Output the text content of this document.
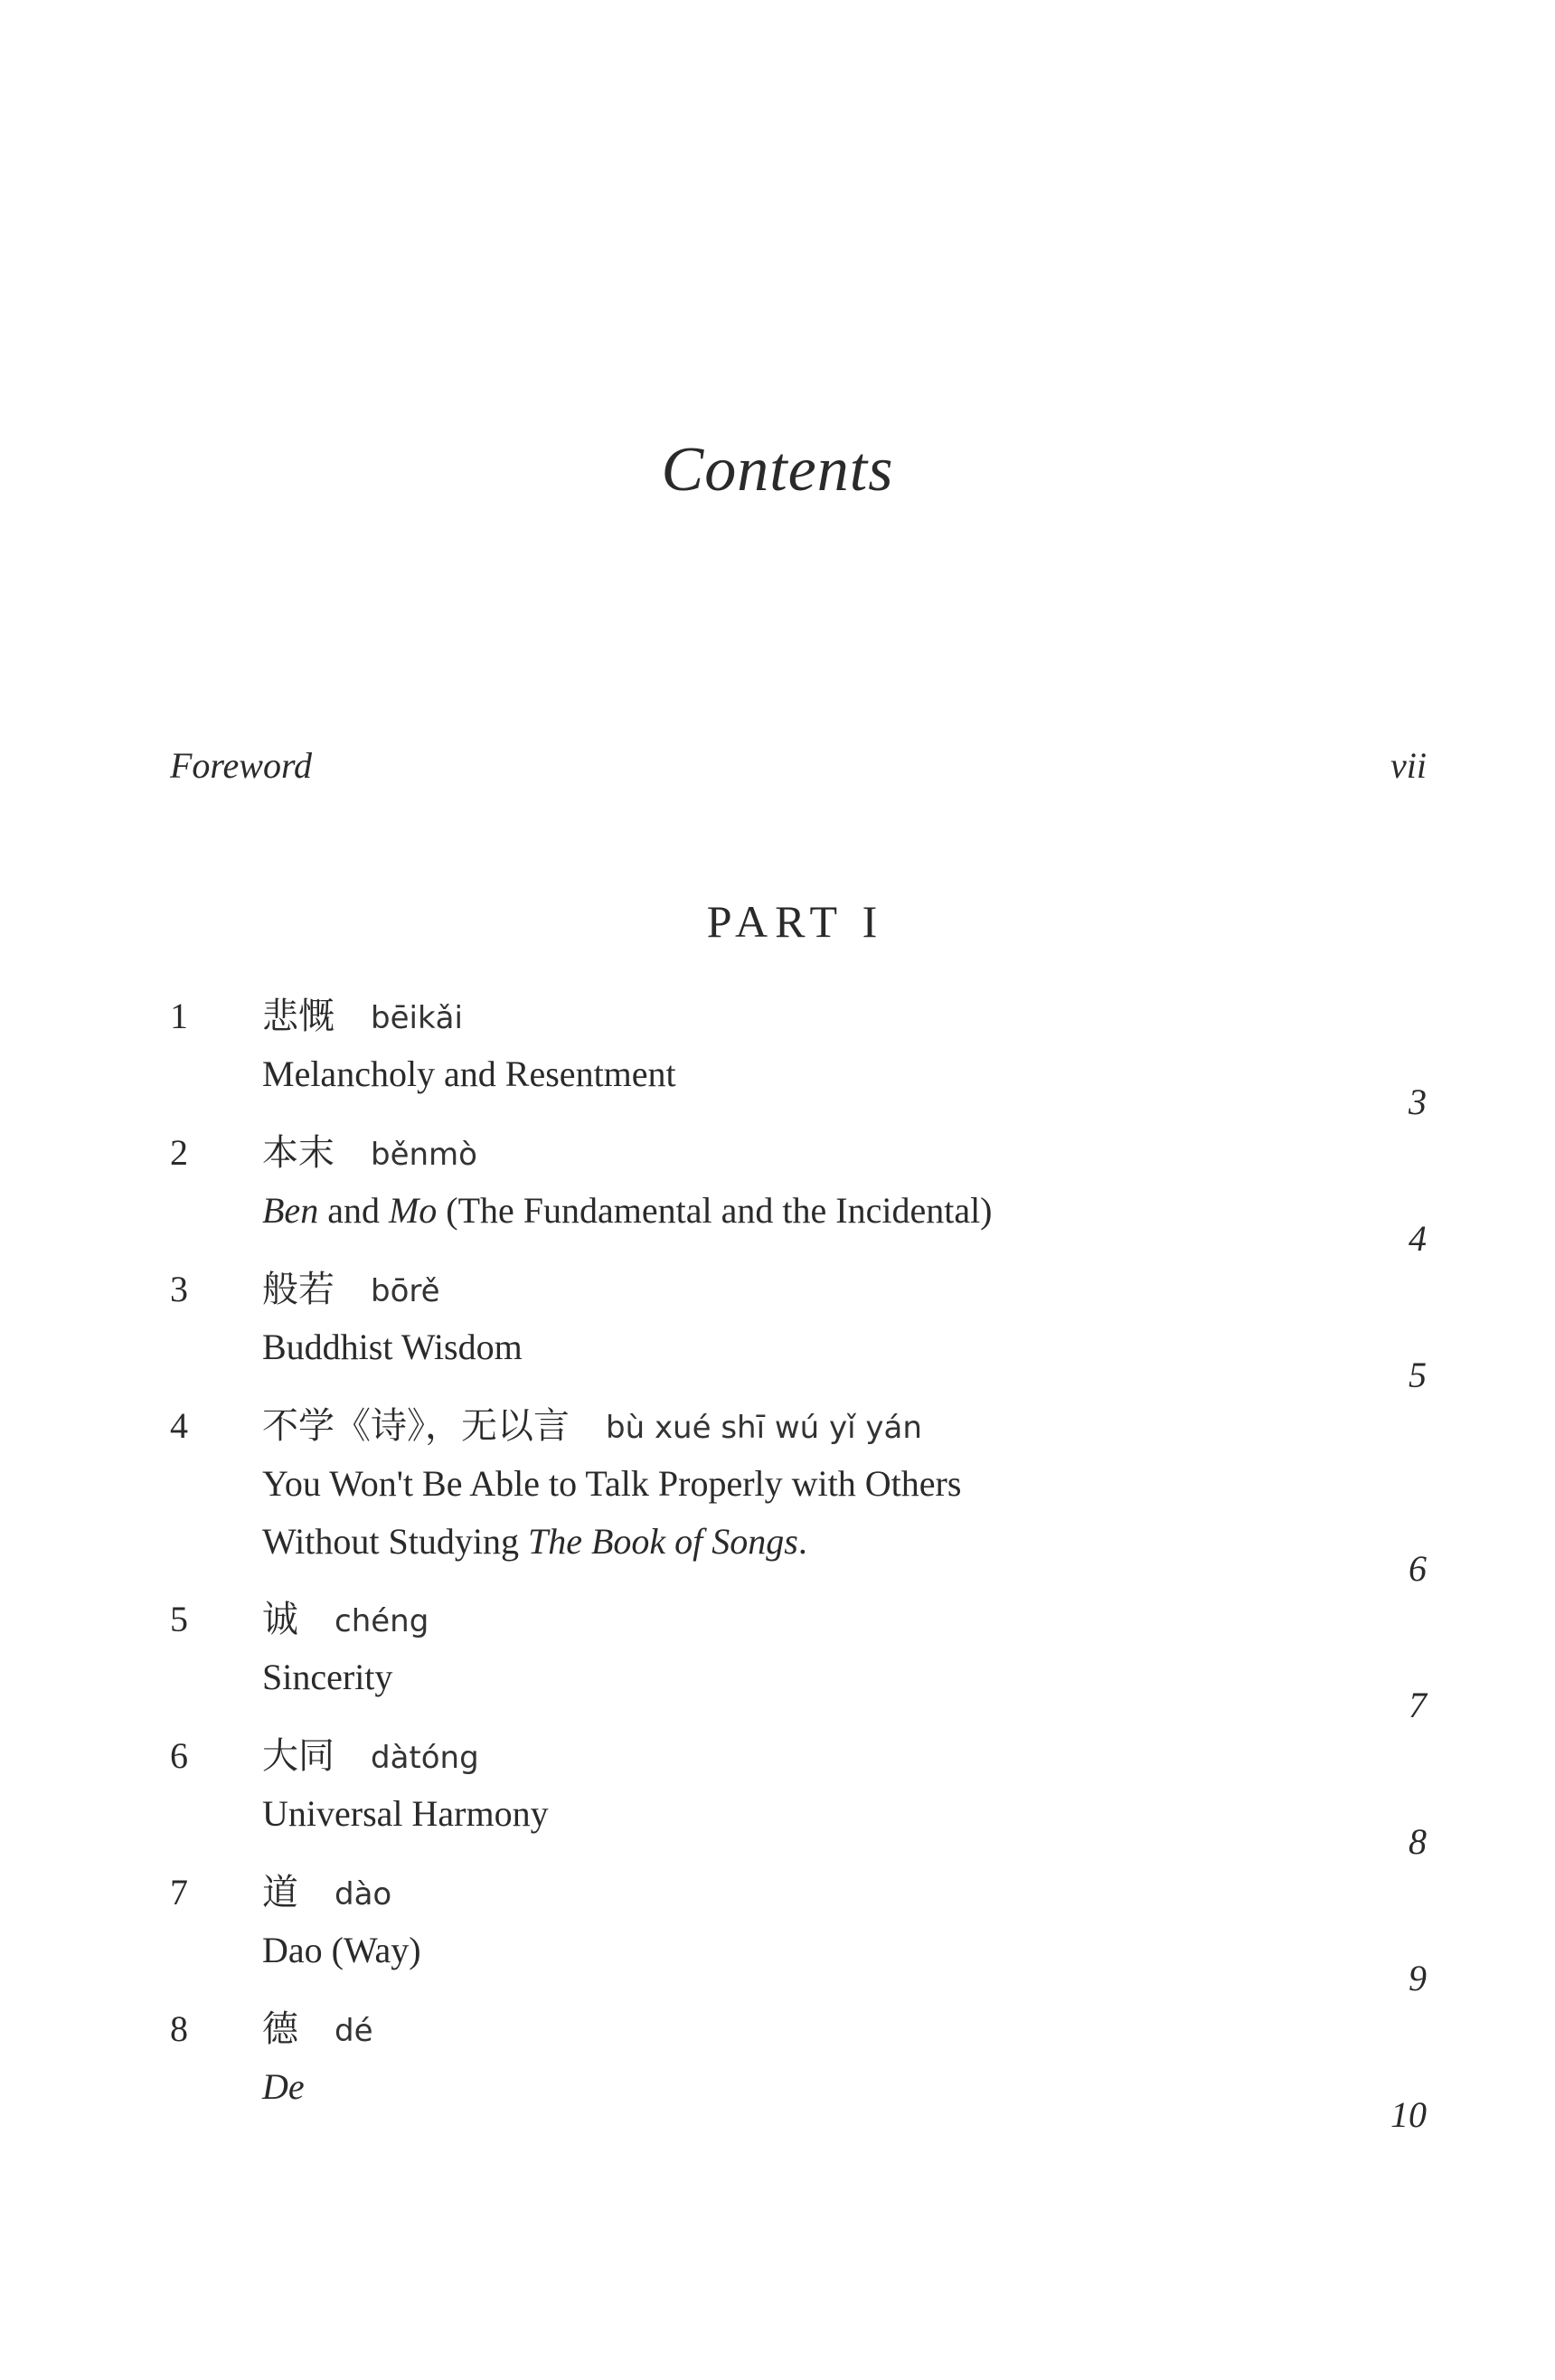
Contents
Foreword	vii
PART I
1 悲慨 bēikǎi
Melancholy and Resentment
3
2 本末 běnmò
Ben and Mo (The Fundamental and the Incidental)
4
3 般若 bōrě
Buddhist Wisdom
5
4 不学《诗》，无以言 bù xué shī wú yǐ yán
You Won't Be Able to Talk Properly with Others
Without Studying The Book of Songs.
6
5 诚 chéng
Sincerity
7
6 大同 dàtóng
Universal Harmony
8
7 道 dào
Dao (Way)
9
8 德 dé
De
10
